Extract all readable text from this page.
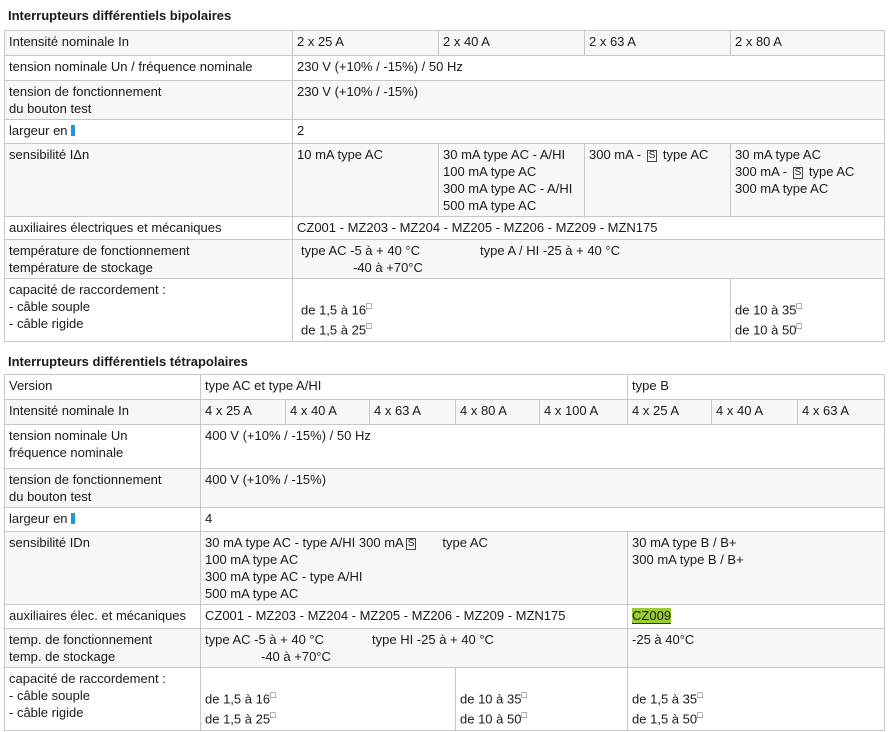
Interrupteurs différentiels bipolaires
Intensité nominale In	2 x 25 A	2 x 40 A	2 x 63 A	2 x 80 A
tension nominale Un / fréquence nominale	230 V (+10% / -15%) / 50 Hz			

tension de fonctionnement
du bouton test	230 V (+10% / -15%)			
largeur en	2			
sensibilité IΔn	10 mA type AC	30 mA type AC - A/HI
100 mA type AC
300 mA type AC - A/HI
500 mA type AC	300 mA - S type AC	30 mA type AC
300 mA - S type AC
300 mA type AC

auxiliaires électriques et mécaniques	CZ001 - MZ203 - MZ204 - MZ205 - MZ206 - MZ209 - MZN175			

température de fonctionnement
température de stockage	type AC -5 à + 40 °C type A / HI -25 à + 40 °C
-40 à +70°C			

capacité de raccordement :
- câble souple
- câble rigide	de 1,5 à 16□
de 1,5 à 25□			de 10 à 35□
de 10 à 50□
Interrupteurs différentiels tétrapolaires
Version	type AC et type A/HI					type B		
Intensité nominale In	4 x 25 A	4 x 40 A	4 x 63 A	4 x 80 A	4 x 100 A	4 x 25 A	4 x 40 A	4 x 63 A

tension nominale Un
fréquence nominale	400 V (+10% / -15%) / 50 Hz							

tension de fonctionnement
du bouton test	400 V (+10% / -15%)							
largeur en	4							
sensibilité IDn	30 mA type AC - type A/HI 300 mA S type AC
100 mA type AC
300 mA type AC - type A/HI
500 mA type AC					30 mA type B / B+
300 mA type B / B+		

auxiliaires élec. et mécaniques	CZ001 - MZ203 - MZ204 - MZ205 - MZ206 - MZ209 - MZN175					CZ009		

temp. de fonctionnement
temp. de stockage	type AC -5 à + 40 °C type HI -25 à + 40 °C
-40 à +70°C					-25 à 40°C		

capacité de raccordement :
- câble souple
- câble rigide	de 1,5 à 16□
de 1,5 à 25□			de 10 à 35□
de 10 à 50□		de 1,5 à 35□
de 1,5 à 50□
